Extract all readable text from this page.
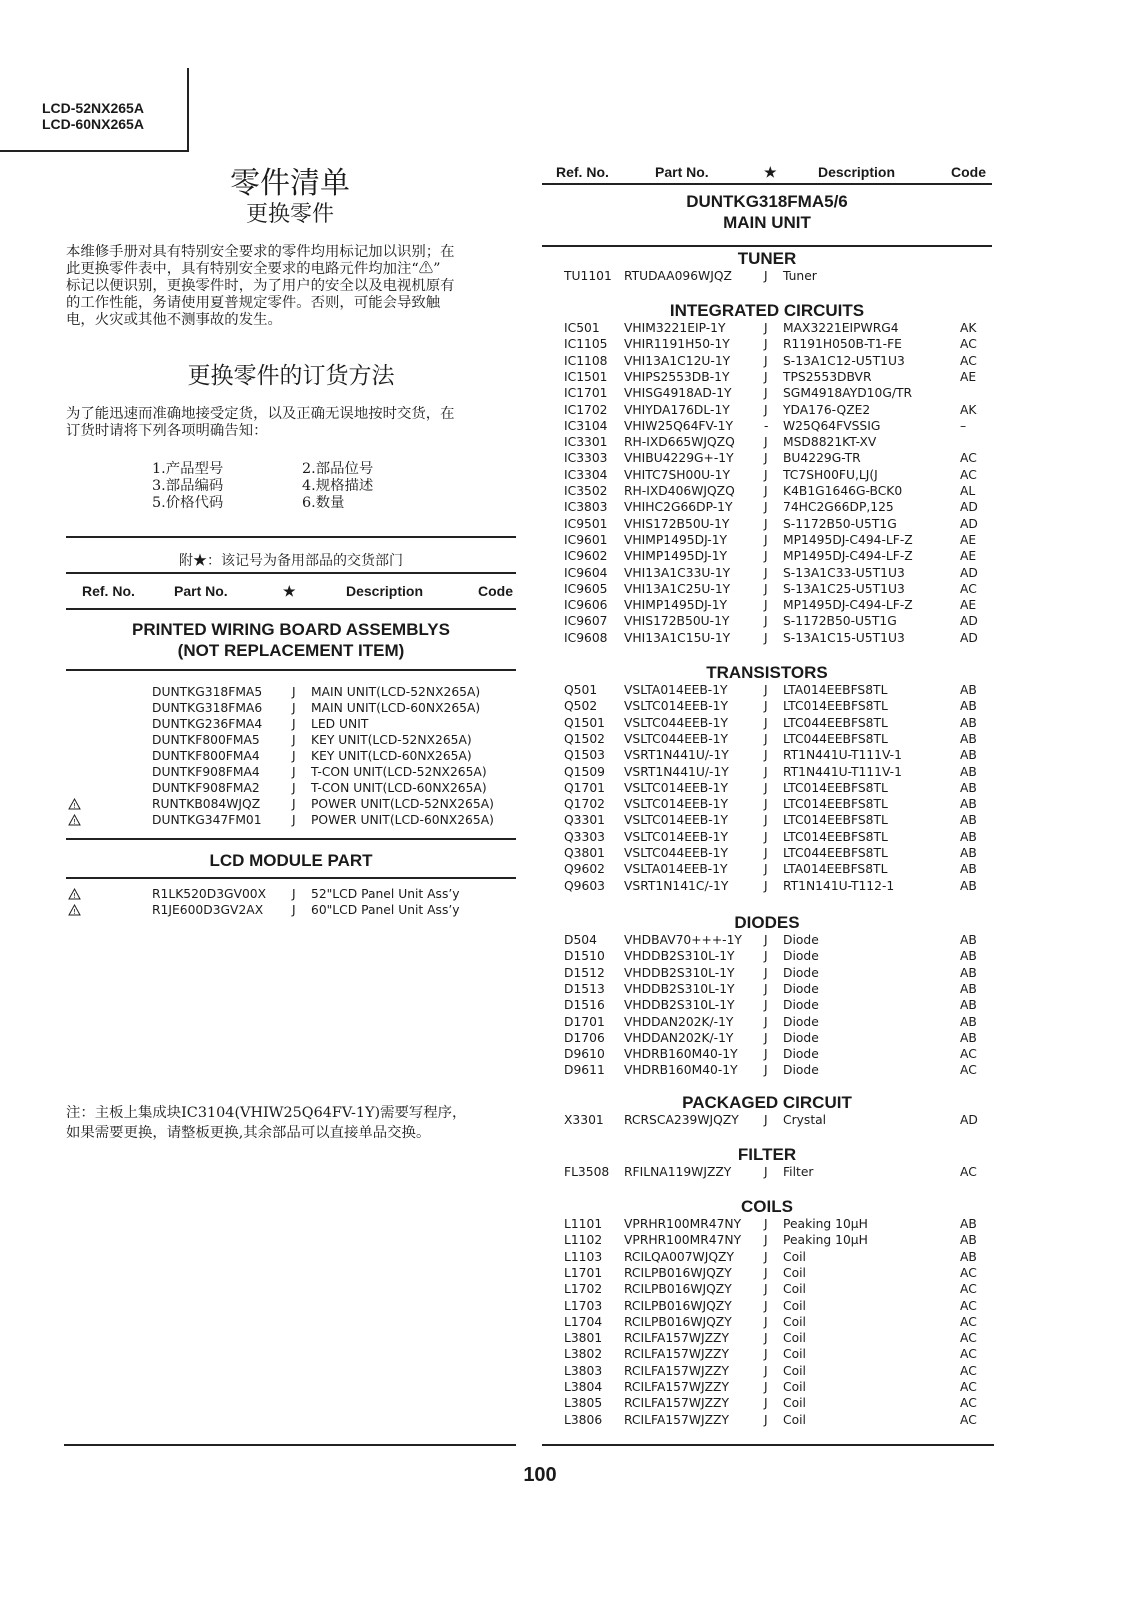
LCD-52NX265A
LCD-60NX265A
零件清单
更换零件
本维修手册对具有特别安全要求的零件均用标记加以识别；在
此更换零件表中，具有特别安全要求的电路元件均加注“⚠”
标记以便识别，更换零件时，为了用户的安全以及电视机原有
的工作性能，务请使用夏普规定零件。否则，可能会导致触
电，火灾或其他不测事故的发生。
更换零件的订货方法
为了能迅速而准确地接受定货，以及正确无误地按时交货，在
订货时请将下列各项明确告知：
1.产品型号	2.部品位号
3.部品编码	4.规格描述
5.价格代码	6.数量
附★：该记号为备用部品的交货部门
Ref. No.	Part No.	★	Description	Code
PRINTED WIRING BOARD ASSEMBLYS
(NOT REPLACEMENT ITEM)
DUNTKG318FMA5 J MAIN UNIT(LCD-52NX265A)
DUNTKG318FMA6 J MAIN UNIT(LCD-60NX265A)
DUNTKG236FMA4 J LED UNIT
DUNTKF800FMA5	J KEY UNIT(LCD-52NX265A)
DUNTKF800FMA4	J KEY UNIT(LCD-60NX265A)
DUNTKF908FMA4	J T-CON UNIT(LCD-52NX265A)
DUNTKF908FMA2	J T-CON UNIT(LCD-60NX265A)
!	RUNTKB084WJQZ	J POWER UNIT(LCD-52NX265A)
!	DUNTKG347FM01 J POWER UNIT(LCD-60NX265A)
LCD MODULE PART
!	R1LK520D3GV00X J 52"LCD Panel Unit Ass’y
!	R1JE600D3GV2AX J 60"LCD Panel Unit Ass’y
注：主板上集成块IC3104(VHIW25Q64FV-1Y)需要写程序，
如果需要更换，请整板更换,其余部品可以直接单品交换。
Ref. No.	Part No.	★	Description	Code
DUNTKG318FMA5/6
MAIN UNIT
TUNER
TU1101 RTUDAA096WJQZ	J Tuner
INTEGRATED CIRCUITS
IC501 VHIM3221EIP-1Y	J MAX3221EIPWRG4	AK
IC1105 VHIR1191H50-1Y	J R1191H050B-T1-FE	AC
IC1108 VHI13A1C12U-1Y	J S-13A1C12-U5T1U3	AC
IC1501 VHIPS2553DB-1Y	J TPS2553DBVR	AE
IC1701 VHISG4918AD-1Y	J SGM4918AYD10G/TR
IC1702 VHIYDA176DL-1Y	J YDA176-QZE2	AK
IC3104 VHIW25Q64FV-1Y	- W25Q64FVSSIG	–
IC3301 RH-IXD665WJQZQ J MSD8821KT-XV
IC3303 VHIBU4229G+-1Y J BU4229G-TR	AC
IC3304 VHITC7SH00U-1Y	J TC7SH00FU,LJ(J	AC
IC3502 RH-IXD406WJQZQ J K4B1G1646G-BCK0	AL
IC3803 VHIHC2G66DP-1Y	J 74HC2G66DP,125	AD
IC9501 VHIS172B50U-1Y	J S-1172B50-U5T1G	AD
IC9601 VHIMP1495DJ-1Y	J MP1495DJ-C494-LF-Z	AE
IC9602 VHIMP1495DJ-1Y	J MP1495DJ-C494-LF-Z	AE
IC9604 VHI13A1C33U-1Y	J S-13A1C33-U5T1U3	AD
IC9605 VHI13A1C25U-1Y	J S-13A1C25-U5T1U3	AC
IC9606 VHIMP1495DJ-1Y	J MP1495DJ-C494-LF-Z	AE
IC9607 VHIS172B50U-1Y	J S-1172B50-U5T1G	AD
IC9608 VHI13A1C15U-1Y	J S-13A1C15-U5T1U3	AD
TRANSISTORS
Q501 VSLTA014EEB-1Y	J LTA014EEBFS8TL	AB
Q502 VSLTC014EEB-1Y	J LTC014EEBFS8TL	AB
Q1501 VSLTC044EEB-1Y	J LTC044EEBFS8TL	AB
Q1502 VSLTC044EEB-1Y	J LTC044EEBFS8TL	AB
Q1503 VSRT1N441U/-1Y	J RT1N441U-T111V-1	AB
Q1509 VSRT1N441U/-1Y	J RT1N441U-T111V-1	AB
Q1701 VSLTC014EEB-1Y	J LTC014EEBFS8TL	AB
Q1702 VSLTC014EEB-1Y	J LTC014EEBFS8TL	AB
Q3301 VSLTC014EEB-1Y	J LTC014EEBFS8TL	AB
Q3303 VSLTC014EEB-1Y	J LTC014EEBFS8TL	AB
Q3801 VSLTC044EEB-1Y	J LTC044EEBFS8TL	AB
Q9602 VSLTA014EEB-1Y	J LTA014EEBFS8TL	AB
Q9603 VSRT1N141C/-1Y	J RT1N141U-T112-1	AB
DIODES
D504 VHDBAV70+++-1Y J Diode	AB
D1510 VHDDB2S310L-1Y J Diode	AB
D1512 VHDDB2S310L-1Y J Diode	AB
D1513 VHDDB2S310L-1Y J Diode	AB
D1516 VHDDB2S310L-1Y J Diode	AB
D1701 VHDDAN202K/-1Y J Diode	AB
D1706 VHDDAN202K/-1Y J Diode	AB
D9610 VHDRB160M40-1Y J Diode	AC
D9611 VHDRB160M40-1Y J Diode	AC
PACKAGED CIRCUIT
X3301 RCRSCA239WJQZY J Crystal	AD
FILTER
FL3508 RFILNA119WJZZY	J Filter	AC
COILS
L1101 VPRHR100MR47NY J Peaking 10µH	AB
L1102 VPRHR100MR47NY J Peaking 10µH	AB
L1103 RCILQA007WJQZY J Coil	AB
L1701 RCILPB016WJQZY	J Coil	AC
L1702 RCILPB016WJQZY	J Coil	AC
L1703 RCILPB016WJQZY	J Coil	AC
L1704 RCILPB016WJQZY	J Coil	AC
L3801 RCILFA157WJZZY	J Coil	AC
L3802 RCILFA157WJZZY	J Coil	AC
L3803 RCILFA157WJZZY	J Coil	AC
L3804 RCILFA157WJZZY	J Coil	AC
L3805 RCILFA157WJZZY	J Coil	AC
L3806 RCILFA157WJZZY	J Coil	AC
100
